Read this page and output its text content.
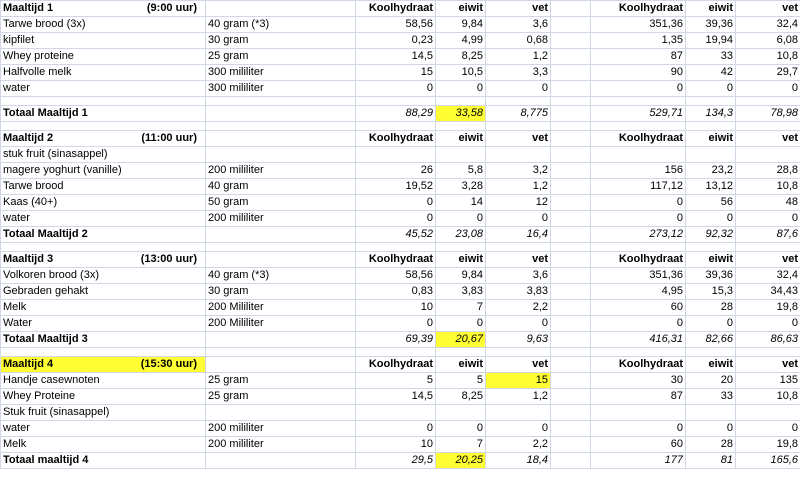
Maaltijd 1 (9:00 uur)		Koolhydraat	eiwit	vet		Koolhydraat	eiwit	vet
Tarwe brood (3x)	40 gram (*3)	58,56	9,84	3,6		351,36	39,36	32,4
kipfilet	30 gram	0,23	4,99	0,68		1,35	19,94	6,08
Whey proteine	25 gram	14,5	8,25	1,2		87	33	10,8
Halfvolle melk	300 mililiter	15	10,5	3,3		90	42	29,7
water	300 mililiter	0	0	0		0	0	0

Totaal Maaltijd 1		88,29	33,58	8,775		529,71	134,3	78,98

Maaltijd 2 (11:00 uur)		Koolhydraat	eiwit	vet		Koolhydraat	eiwit	vet
stuk fruit (sinasappel)								
magere yoghurt (vanille)	200 mililiter	26	5,8	3,2		156	23,2	28,8
Tarwe brood	40 gram	19,52	3,28	1,2		117,12	13,12	10,8
Kaas (40+)	50 gram	0	14	12		0	56	48
water	200 mililiter	0	0	0		0	0	0
Totaal Maaltijd 2		45,52	23,08	16,4		273,12	92,32	87,6

Maaltijd 3 (13:00 uur)		Koolhydraat	eiwit	vet		Koolhydraat	eiwit	vet
Volkoren brood (3x)	40 gram (*3)	58,56	9,84	3,6		351,36	39,36	32,4
Gebraden gehakt	30 gram	0,83	3,83	3,83		4,95	15,3	34,43
Melk	200 Mililiter	10	7	2,2		60	28	19,8
Water	200 Mililiter	0	0	0		0	0	0
Totaal Maaltijd 3		69,39	20,67	9,63		416,31	82,66	86,63

Maaltijd 4 (15:30 uur)		Koolhydraat	eiwit	vet		Koolhydraat	eiwit	vet
Handje casewnoten	25 gram	5	5	15		30	20	135
Whey Proteine	25 gram	14,5	8,25	1,2		87	33	10,8
Stuk fruit (sinasappel)								
water	200 mililiter	0	0	0		0	0	0
Melk	200 mililiter	10	7	2,2		60	28	19,8
Totaal maaltijd 4		29,5	20,25	18,4		177	81	165,6
